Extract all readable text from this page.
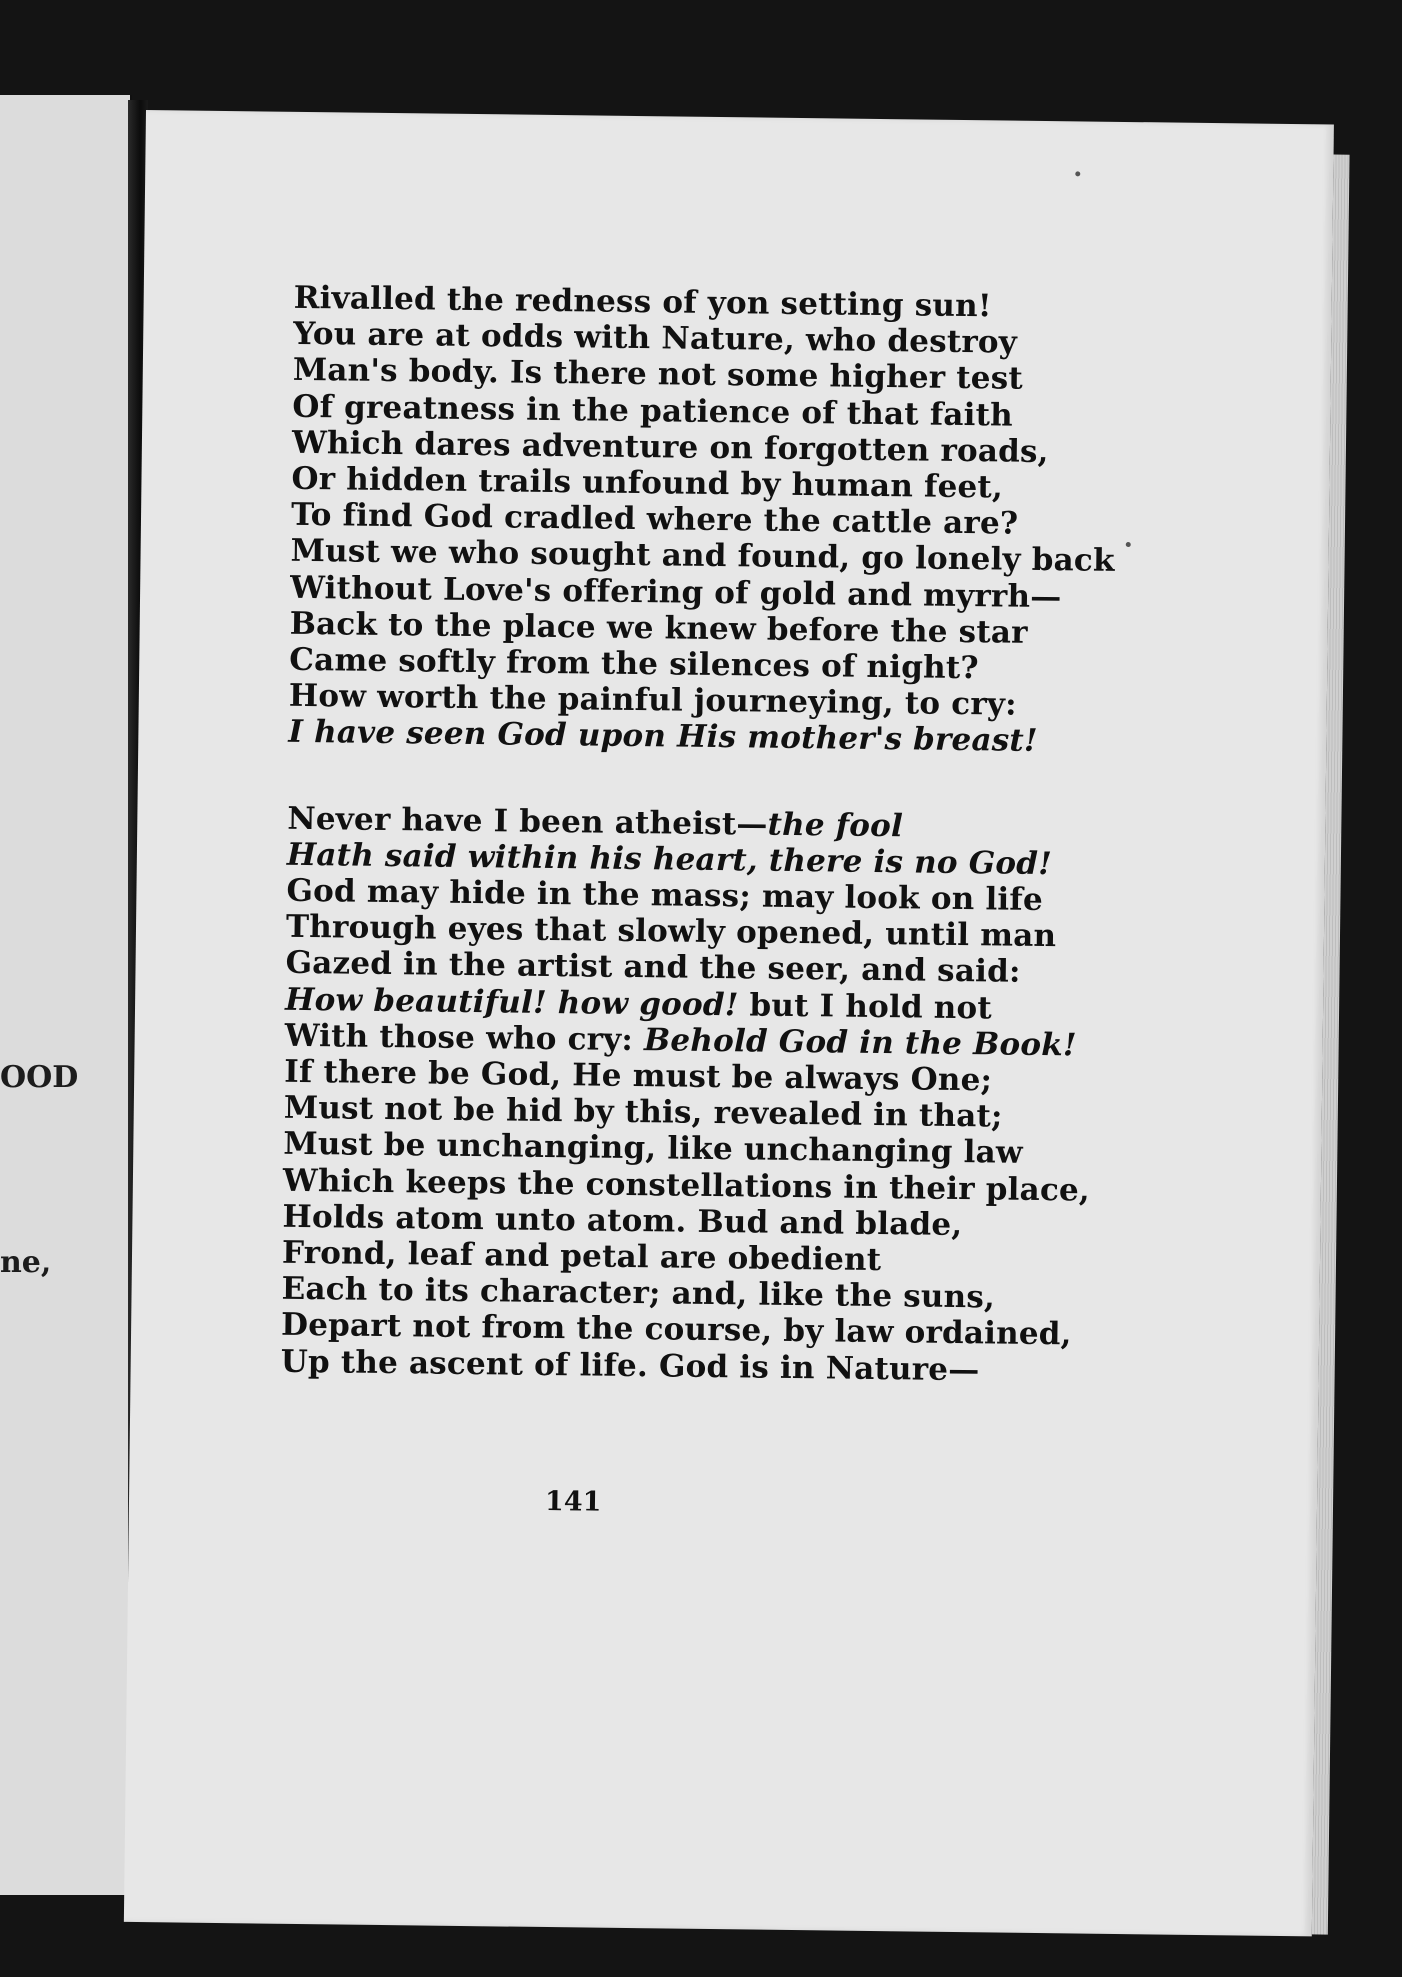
OOD
ne,
Rivalled the redness of yon setting sun!
You are at odds with Nature, who destroy
Man's body. Is there not some higher test
Of greatness in the patience of that faith
Which dares adventure on forgotten roads,
Or hidden trails unfound by human feet,
To find God cradled where the cattle are?
Must we who sought and found, go lonely back
Without Love's offering of gold and myrrh—
Back to the place we knew before the star
Came softly from the silences of night?
How worth the painful journeying, to cry:
I have seen God upon His mother's breast!
Never have I been atheist—the fool
Hath said within his heart, there is no God!
God may hide in the mass; may look on life
Through eyes that slowly opened, until man
Gazed in the artist and the seer, and said:
How beautiful! how good! but I hold not
With those who cry: Behold God in the Book!
If there be God, He must be always One;
Must not be hid by this, revealed in that;
Must be unchanging, like unchanging law
Which keeps the constellations in their place,
Holds atom unto atom. Bud and blade,
Frond, leaf and petal are obedient
Each to its character; and, like the suns,
Depart not from the course, by law ordained,
Up the ascent of life. God is in Nature—
141
